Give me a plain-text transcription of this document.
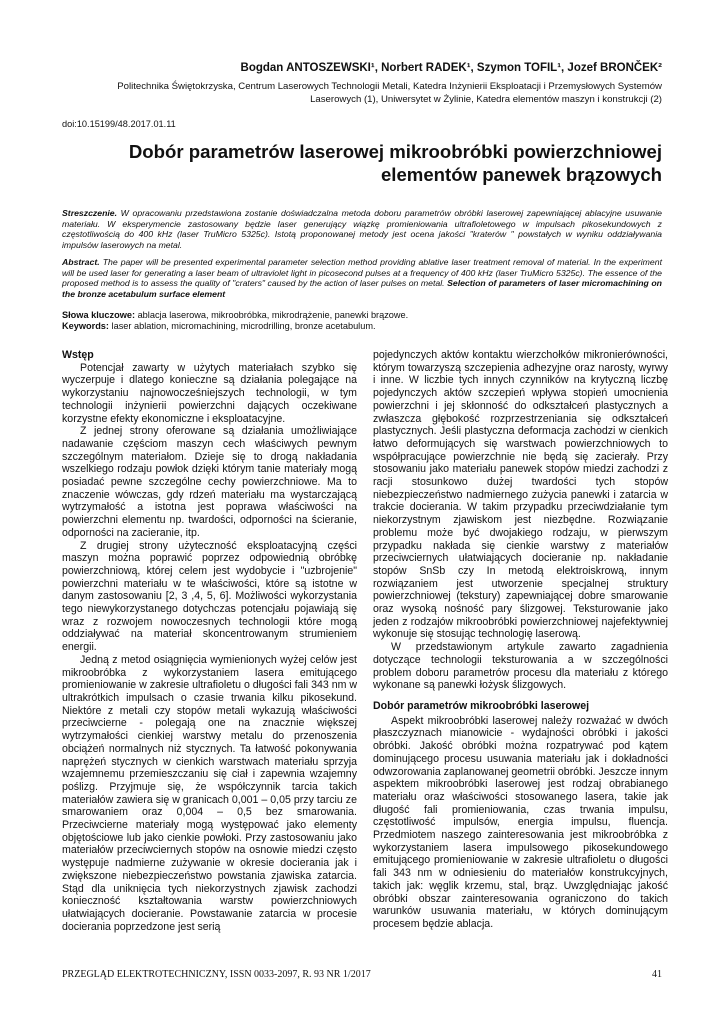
Bogdan ANTOSZEWSKI¹, Norbert RADEK¹, Szymon TOFIL¹, Jozef BRONČEK²
Politechnika Świętokrzyska, Centrum Laserowych Technologii Metali, Katedra Inżynierii Eksploatacji i Przemysłowych Systemów
Laserowych (1), Uniwersytet w Żylinie, Katedra elementów maszyn i konstrukcji (2)
doi:10.15199/48.2017.01.11
Dobór parametrów laserowej mikroobróbki powierzchniowej
elementów panewek brązowych
Streszczenie. W opracowaniu przedstawiona zostanie doświadczalna metoda doboru parametrów obróbki laserowej zapewniającej ablacyjne usuwanie materiału. W eksperymencie zastosowany będzie laser generujący wiązkę promieniowania ultrafioletowego w impulsach pikosekundowych z częstotliwością do 400 kHz (laser TruMicro 5325c). Istotą proponowanej metody jest ocena jakości "kraterów " powstałych w wyniku oddziaływania impulsów laserowych na metal.
Abstract. The paper will be presented experimental parameter selection method providing ablative laser treatment removal of material. In the experiment will be used laser for generating a laser beam of ultraviolet light in picosecond pulses at a frequency of 400 kHz (laser TruMicro 5325c). The essence of the proposed method is to assess the quality of "craters" caused by the action of laser pulses on metal. Selection of parameters of laser micromachining on the bronze acetabulum surface element
Słowa kluczowe: ablacja laserowa, mikroobróbka, mikrodrążenie, panewki brązowe.
Keywords: laser ablation, micromachining, microdrilling, bronze acetabulum.
Wstęp

Potencjał zawarty w użytych materiałach szybko się wyczerpuje i dlatego konieczne są działania polegające na wykorzystaniu najnowocześniejszych technologii, w tym technologii inżynierii powierzchni dających oczekiwane korzystne efekty ekonomiczne i eksploatacyjne.

Z jednej strony oferowane są działania umożliwiające nadawanie częściom maszyn cech właściwych pewnym szczególnym materiałom. Dzieje się to drogą nakładania wszelkiego rodzaju powłok dzięki którym tanie materiały mogą posiadać pewne szczególne cechy powierzchniowe. Ma to znaczenie wówczas, gdy rdzeń materiału ma wystarczającą wytrzymałość a istotna jest poprawa właściwości na powierzchni elementu np. twardości, odporności na ścieranie, odporności na zacieranie, itp.

Z drugiej strony użyteczność eksploatacyjną części maszyn można poprawić poprzez odpowiednią obróbkę powierzchniową, której celem jest wydobycie i "uzbrojenie" powierzchni materiału w te właściwości, które są istotne w danym zastosowaniu [2, 3 ,4, 5, 6]. Możliwości wykorzystania tego niewykorzystanego dotychczas potencjału pojawiają się wraz z rozwojem nowoczesnych technologii które mogą oddziaływać na materiał skoncentrowanym strumieniem energii.

Jedną z metod osiągnięcia wymienionych wyżej celów jest mikroobróbka z wykorzystaniem lasera emitującego promieniowanie w zakresie ultrafioletu o długości fali 343 nm w ultrakrótkich impulsach o czasie trwania kilku pikosekund. Niektóre z metali czy stopów metali wykazują właściwości przeciwcierne - polegają one na znacznie większej wytrzymałości cienkiej warstwy metalu do przenoszenia obciążeń normalnych niż stycznych. Ta łatwość pokonywania naprężeń stycznych w cienkich warstwach materiału sprzyja wzajemnemu przemieszczaniu się ciał i zapewnia wzajemny poślizg. Przyjmuje się, że współczynnik tarcia takich materiałów zawiera się w granicach 0,001 – 0,05 przy tarciu ze smarowaniem oraz 0,004 – 0,5 bez smarowania. Przeciwcierne materiały mogą występować jako elementy objętościowe lub jako cienkie powłoki. Przy zastosowaniu jako materiałów przeciwciernych stopów na osnowie miedzi często występuje nadmierne zużywanie w okresie docierania jak i zwiększone niebezpieczeństwo powstania zjawiska zatarcia. Stąd dla uniknięcia tych niekorzystnych zjawisk zachodzi konieczność kształtowania warstw powierzchniowych ułatwiających docieranie. Powstawanie zatarcia w procesie docierania poprzedzone jest serią

pojedynczych aktów kontaktu wierzchołków mikronierówności, którym towarzyszą szczepienia adhezyjne oraz narosty, wyrwy i inne. W liczbie tych innych czynników na krytyczną liczbę pojedynczych aktów szczepień wpływa stopień umocnienia powierzchni i jej skłonność do odkształceń plastycznych a zwłaszcza głębokość rozprzestrzeniania się odkształceń plastycznych. Jeśli plastyczna deformacja zachodzi w cienkich łatwo deformujących się warstwach powierzchniowych to współpracujące powierzchnie nie będą się zacierały. Przy stosowaniu jako materiału panewek stopów miedzi zachodzi z racji stosunkowo dużej twardości tych stopów niebezpieczeństwo nadmiernego zużycia panewki i zatarcia w trakcie docierania. W takim przypadku przeciwdziałanie tym niekorzystnym zjawiskom jest niezbędne. Rozwiązanie problemu może być dwojakiego rodzaju, w pierwszym przypadku nakłada się cienkie warstwy z materiałów przeciwciernych ułatwiających docieranie np. nakładanie stopów SnSb czy In metodą elektroiskrową, innym rozwiązaniem jest utworzenie specjalnej struktury powierzchniowej (tekstury) zapewniającej dobre smarowanie oraz wysoką nośność pary ślizgowej. Teksturowanie jako jeden z rodzajów mikroobróbki powierzchniowej najefektywniej wykonuje się stosując technologię laserową.

W przedstawionym artykule zawarto zagadnienia dotyczące technologii teksturowania a w szczególności problem doboru parametrów procesu dla materiału z którego wykonane są panewki łożysk ślizgowych.

Dobór parametrów mikroobróbki laserowej

Aspekt mikroobróbki laserowej należy rozważać w dwóch płaszczyznach mianowicie - wydajności obróbki i jakości obróbki. Jakość obróbki można rozpatrywać pod kątem dominującego procesu usuwania materiału jak i dokładności odwzorowania zaplanowanej geometrii obróbki. Jeszcze innym aspektem mikroobróbki laserowej jest rodzaj obrabianego materiału oraz właściwości stosowanego lasera, takie jak długość fali promieniowania, czas trwania impulsu, częstotliwość impulsów, energia impulsu, fluencja. Przedmiotem naszego zainteresowania jest mikroobróbka z wykorzystaniem lasera impulsowego pikosekundowego emitującego promieniowanie w zakresie ultrafioletu o długości fali 343 nm w odniesieniu do materiałów konstrukcyjnych, takich jak: węglik krzemu, stal, brąz. Uwzględniając jakość obróbki obszar zainteresowania ograniczono do takich warunków usuwania materiału, w których dominującym procesem będzie ablacja.

PRZEGLĄD ELEKTROTECHNICZNY, ISSN 0033-2097, R. 93 NR 1/2017	41
